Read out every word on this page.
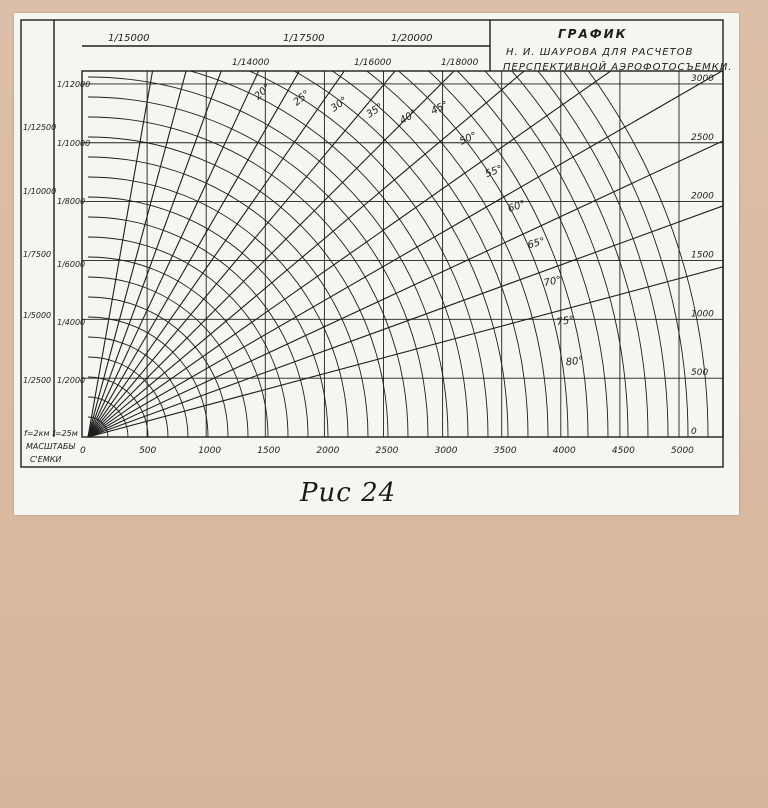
20° 25° 30° 35° 40° 45°
50°
55°
60°
65°
70°
75°
80°
0	500	1000	1500	2000	2500	3000	3500	4000	4500	5000
0
500
1000
1500
2000
2500
3000
1/15000	1/17500	1/20000
1/14000	1/16000	1/18000
1/2000
1/4000
1/6000
1/8000
1/10000
1/12000
1/2500
1/5000
1/7500
1/10000
1/12500
ГРАФИК
Н. И. ШАУРОВА ДЛЯ РАСЧЕТОВ
ПЕРСПЕКТИВНОЙ АЭРОФОТОСЪЕМКИ.
f=2км f=25м
МАСШТАБЫ
С'ЕМКИ
Рис 24
